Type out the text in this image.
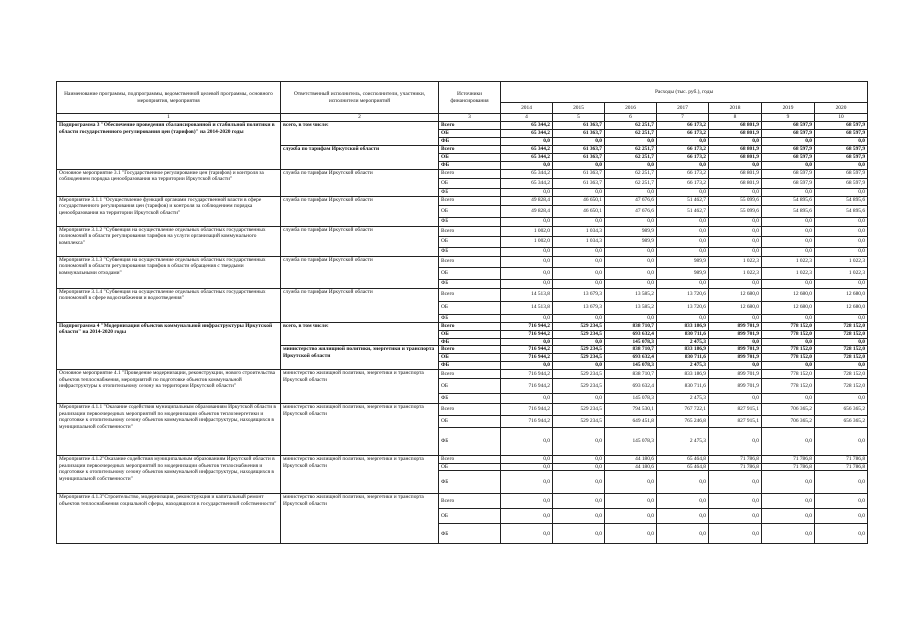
Наименование программы, подпрограммы, ведомственной целевой программы, основного мероприятия, мероприятия	Ответственный исполнитель, соисполнители, участники, исполнители мероприятий	Источники финансирования	Расходы (тыс. руб.), годы						
			2014	2015	2016	2017	2018	2019	2020
1	2	3	4	5	6	7	8	9	10
Подпрограмма 3 "Обеспечение проведения сбалансированной и стабильной политики в области государственного регулирования цен (тарифов)" на 2014-2020 годы	всего, в том числе:	Всего	65 344,2	61 363,7	62 251,7	66 173,2	68 801,9	68 597,9	68 597,9
		ОБ	65 344,2	61 363,7	62 251,7	66 173,2	68 801,9	68 597,9	68 597,9
		ФБ	0,0	0,0	0,0	0,0	0,0	0,0	0,0
	служба по тарифам Иркутской области	Всего	65 344,2	61 363,7	62 251,7	66 173,2	68 801,9	68 597,9	68 597,9
		ОБ	65 344,2	61 363,7	62 251,7	66 173,2	68 801,9	68 597,9	68 597,9
		ФБ	0,0	0,0	0,0	0,0	0,0	0,0	0,0
Основное мероприятие 3.1 "Государственное регулирование цен (тарифов) и контроля за соблюдением порядка ценообразования на территории Иркутской области"	служба по тарифам Иркутской области	Всего	65 344,2	61 363,7	62 251,7	66 173,2	68 801,9	68 597,9	68 597,9
		ОБ	65 344,2	61 363,7	62 251,7	66 173,2	68 801,9	68 597,9	68 597,9
		ФБ	0,0	0,0	0,0	0,0	0,0	0,0	0,0
Мероприятие 3.1.1 "Осуществление функций органами государственной власти в сфере государственного регулирования цен (тарифов) и контроля за соблюдением порядка ценообразования на территории Иркутской области"	служба по тарифам Иркутской области	Всего	49 828,4	46 650,1	47 676,6	51 462,7	55 099,6	54 895,6	54 895,6
		ОБ	49 828,4	46 650,1	47 676,6	51 462,7	55 099,6	54 895,6	54 895,6
		ФБ	0,0	0,0	0,0	0,0	0,0	0,0	0,0
Мероприятие 3.1.2 "Субвенция на осуществление отдельных областных государственных полномочий в области регулирования тарифов на услуги организаций коммунального комплекса"	служба по тарифам Иркутской области	Всего	1 002,0	1 034,3	989,9	0,0	0,0	0,0	0,0
		ОБ	1 002,0	1 034,3	989,9	0,0	0,0	0,0	0,0
		ФБ	0,0	0,0	0,0	0,0	0,0	0,0	0,0
Мероприятие 3.1.3 "Субвенция на осуществление отдельных областных государственных полномочий в области регулирования тарифов в области обращения с твердыми коммунальными отходами"	служба по тарифам Иркутской области	Всего	0,0	0,0	0,0	989,9	1 022,3	1 022,3	1 022,3
		ОБ	0,0	0,0	0,0	989,9	1 022,3	1 022,3	1 022,3
		ФБ	0,0	0,0	0,0	0,0	0,0	0,0	0,0
Мероприятие 3.1.4 "Субвенция на осуществление отдельных областных государственных полномочий в сфере водоснабжения и водоотведения"	служба по тарифам Иркутской области	Всего	14 513,8	13 679,3	13 585,2	13 720,6	12 680,0	12 680,0	12 680,0
		ОБ	14 513,8	13 679,3	13 585,2	13 720,6	12 680,0	12 680,0	12 680,0
		ФБ	0,0	0,0	0,0	0,0	0,0	0,0	0,0
Подпрограмма 4 "Модернизация объектов коммунальной инфраструктуры Иркутской области" на 2014-2020 годы	всего, в том числе:	Всего	716 944,2	529 234,5	838 710,7	833 186,9	899 701,9	778 152,0	728 152,0
		ОБ	716 944,2	529 234,5	693 632,4	830 711,6	899 701,9	778 152,0	728 152,0
		ФБ	0,0	0,0	145 078,3	2 475,3	0,0	0,0	0,0
	министерство жилищной политики, энергетики и транспорта Иркутской области	Всего	716 944,2	529 234,5	838 710,7	833 186,9	899 701,9	778 152,0	728 152,0
		ОБ	716 944,2	529 234,5	693 632,4	830 711,6	899 701,9	778 152,0	728 152,0
		ФБ	0,0	0,0	145 078,3	2 475,3	0,0	0,0	0,0
Основное мероприятие 4.1 "Проведение модернизации, реконструкции, нового строительства объектов теплоснабжения, мероприятий по подготовке объектов коммунальной инфраструктуры к отопительному сезону на территории Иркутской области"	министерство жилищной политики, энергетики и транспорта Иркутской области	Всего	716 944,2	529 234,5	838 710,7	833 186,9	899 701,9	778 152,0	728 152,0
		ОБ	716 944,2	529 234,5	693 632,4	830 711,6	899 701,9	778 152,0	728 152,0
		ФБ	0,0	0,0	145 078,3	2 475,3	0,0	0,0	0,0
Мероприятие 4.1.1 "Оказание содействия муниципальным образованиям Иркутской области в реализации первоочередных мероприятий по модернизации объектов теплоэнергетики и подготовке к отопительному сезону объектов коммунальной инфраструктуры, находящихся в муниципальной собственности"	министерство жилищной политики, энергетики и транспорта Иркутской области	Всего	716 944,2	529 234,5	794 530,1	767 722,1	827 915,1	706 365,2	656 365,2
		ОБ	716 944,2	529 234,5	649 451,8	765 246,8	827 915,1	706 365,2	656 365,2
		ФБ	0,0	0,0	145 078,3	2 475,3	0,0	0,0	0,0
Мероприятие 4.1.2"Оказание содействия муниципальным образованиям Иркутской области в реализации первоочередных мероприятий по модернизации объектов теплоснабжения и подготовке к отопительному сезону объектов коммунальной инфраструктуры, находящихся в муниципальной собственности"	министерство жилищной политики, энергетики и транспорта Иркутской области	Всего	0,0	0,0	44 180,6	65 464,8	71 786,8	71 786,8	71 786,8
		ОБ	0,0	0,0	44 180,6	65 464,8	71 786,8	71 786,8	71 786,8
		ФБ	0,0	0,0	0,0	0,0	0,0	0,0	0,0
Мероприятие 4.1.3"Строительство, модернизация, реконструкция и капитальный ремонт объектов теплоснабжения социальной сферы, находящихся в государственной собственности"	министерство жилищной политики, энергетики и транспорта Иркутской области	Всего	0,0	0,0	0,0	0,0	0,0	0,0	0,0
		ОБ	0,0	0,0	0,0	0,0	0,0	0,0	0,0
		ФБ	0,0	0,0	0,0	0,0	0,0	0,0	0,0
